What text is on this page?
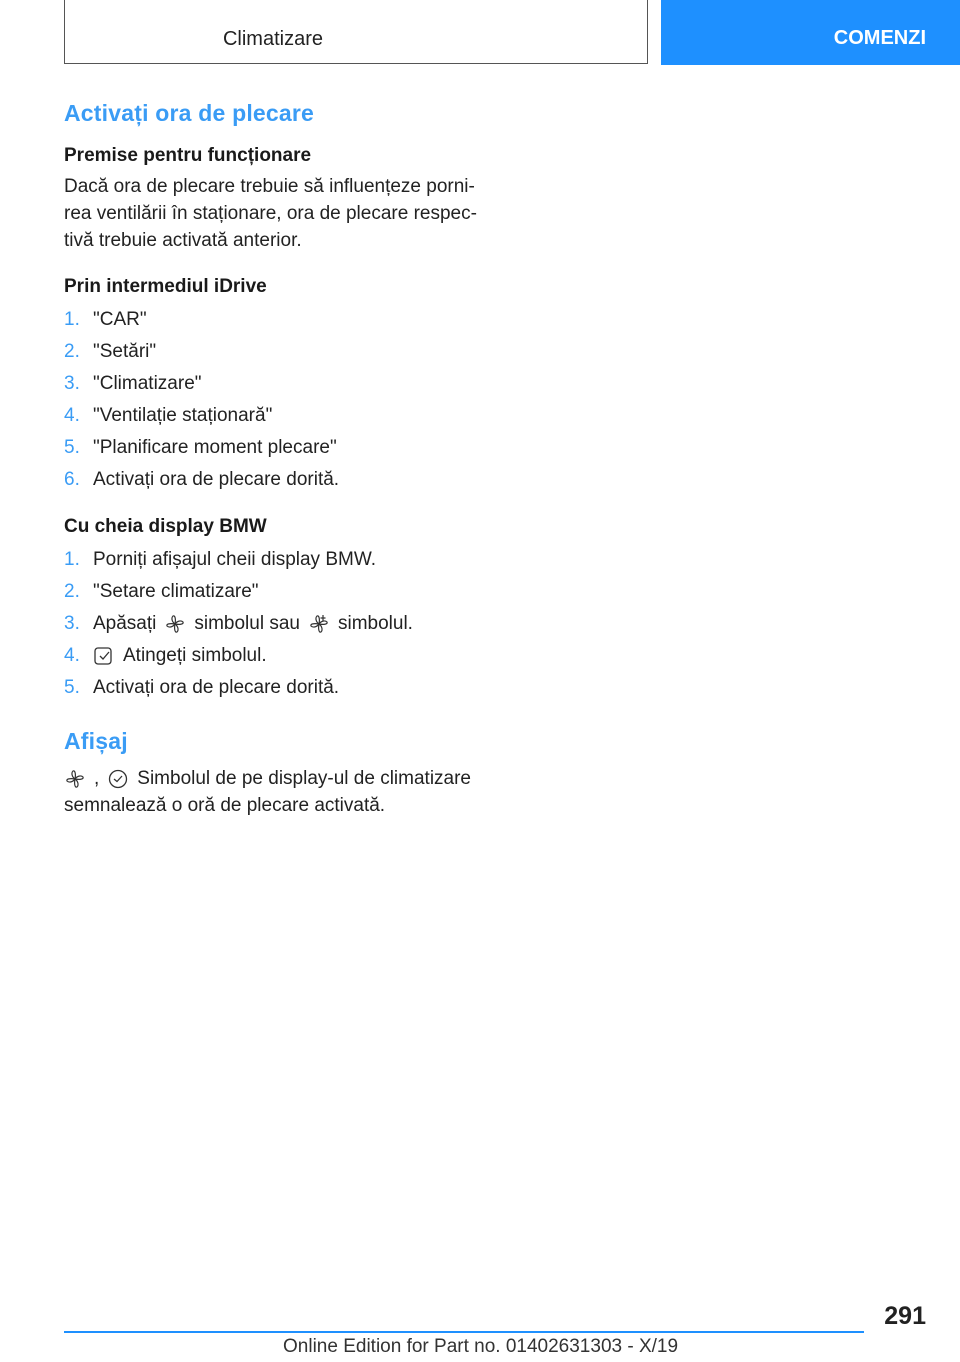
Climatizare	COMENZI
Activați ora de plecare
Premise pentru funcționare

Dacă ora de plecare trebuie să influențeze porni-rea ventilării în staționare, ora de plecare respec-tivă trebuie activată anterior.

Prin intermediul iDrive
1. "CAR"
2. "Setări"
3. "Climatizare"
4. "Ventilație staționară"
5. "Planificare moment plecare"
6. Activați ora de plecare dorită.
Cu cheia display BMW
1. Porniți afișajul cheii display BMW.
2. "Setare climatizare"
3. Apăsați simbolul sau simbolul.
4.	Atingeți simbolul.
5. Activați ora de plecare dorită.
Afișaj

, Simbolul de pe display-ul de climatizare
semnalează o oră de plecare activată.

291
Online Edition for Part no. 01402631303 - X/19
